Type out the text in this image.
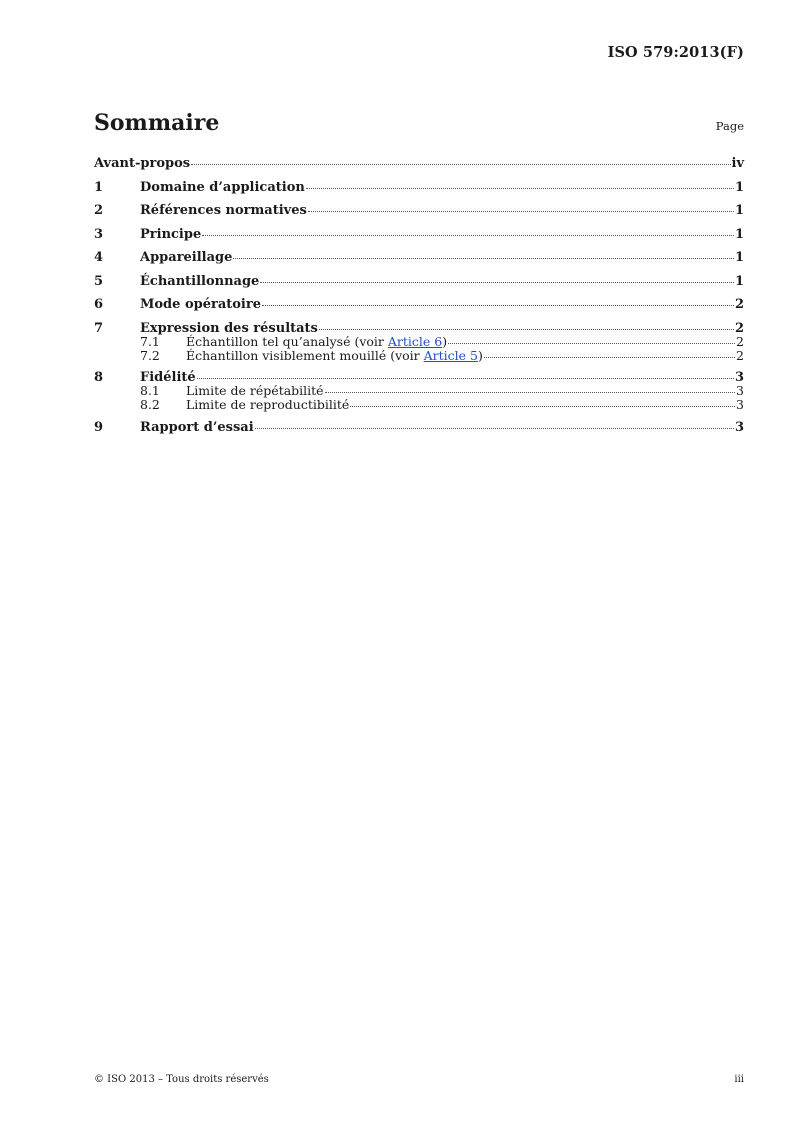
ISO 579:2013(F)
Sommaire	Page
Avant-propos	iv
1	Domaine d’application	1
2	Références normatives	1
3	Principe	1
4	Appareillage	1
5	Échantillonnage	1
6	Mode opératoire	2
7	Expression des résultats	2
7.1	Échantillon tel qu’analysé (voir Article 6)	2
7.2	Échantillon visiblement mouillé (voir Article 5)	2
8	Fidélité	3
8.1	Limite de répétabilité	3
8.2	Limite de reproductibilité	3
9	Rapport d’essai	3
© ISO 2013 – Tous droits réservés	iii
